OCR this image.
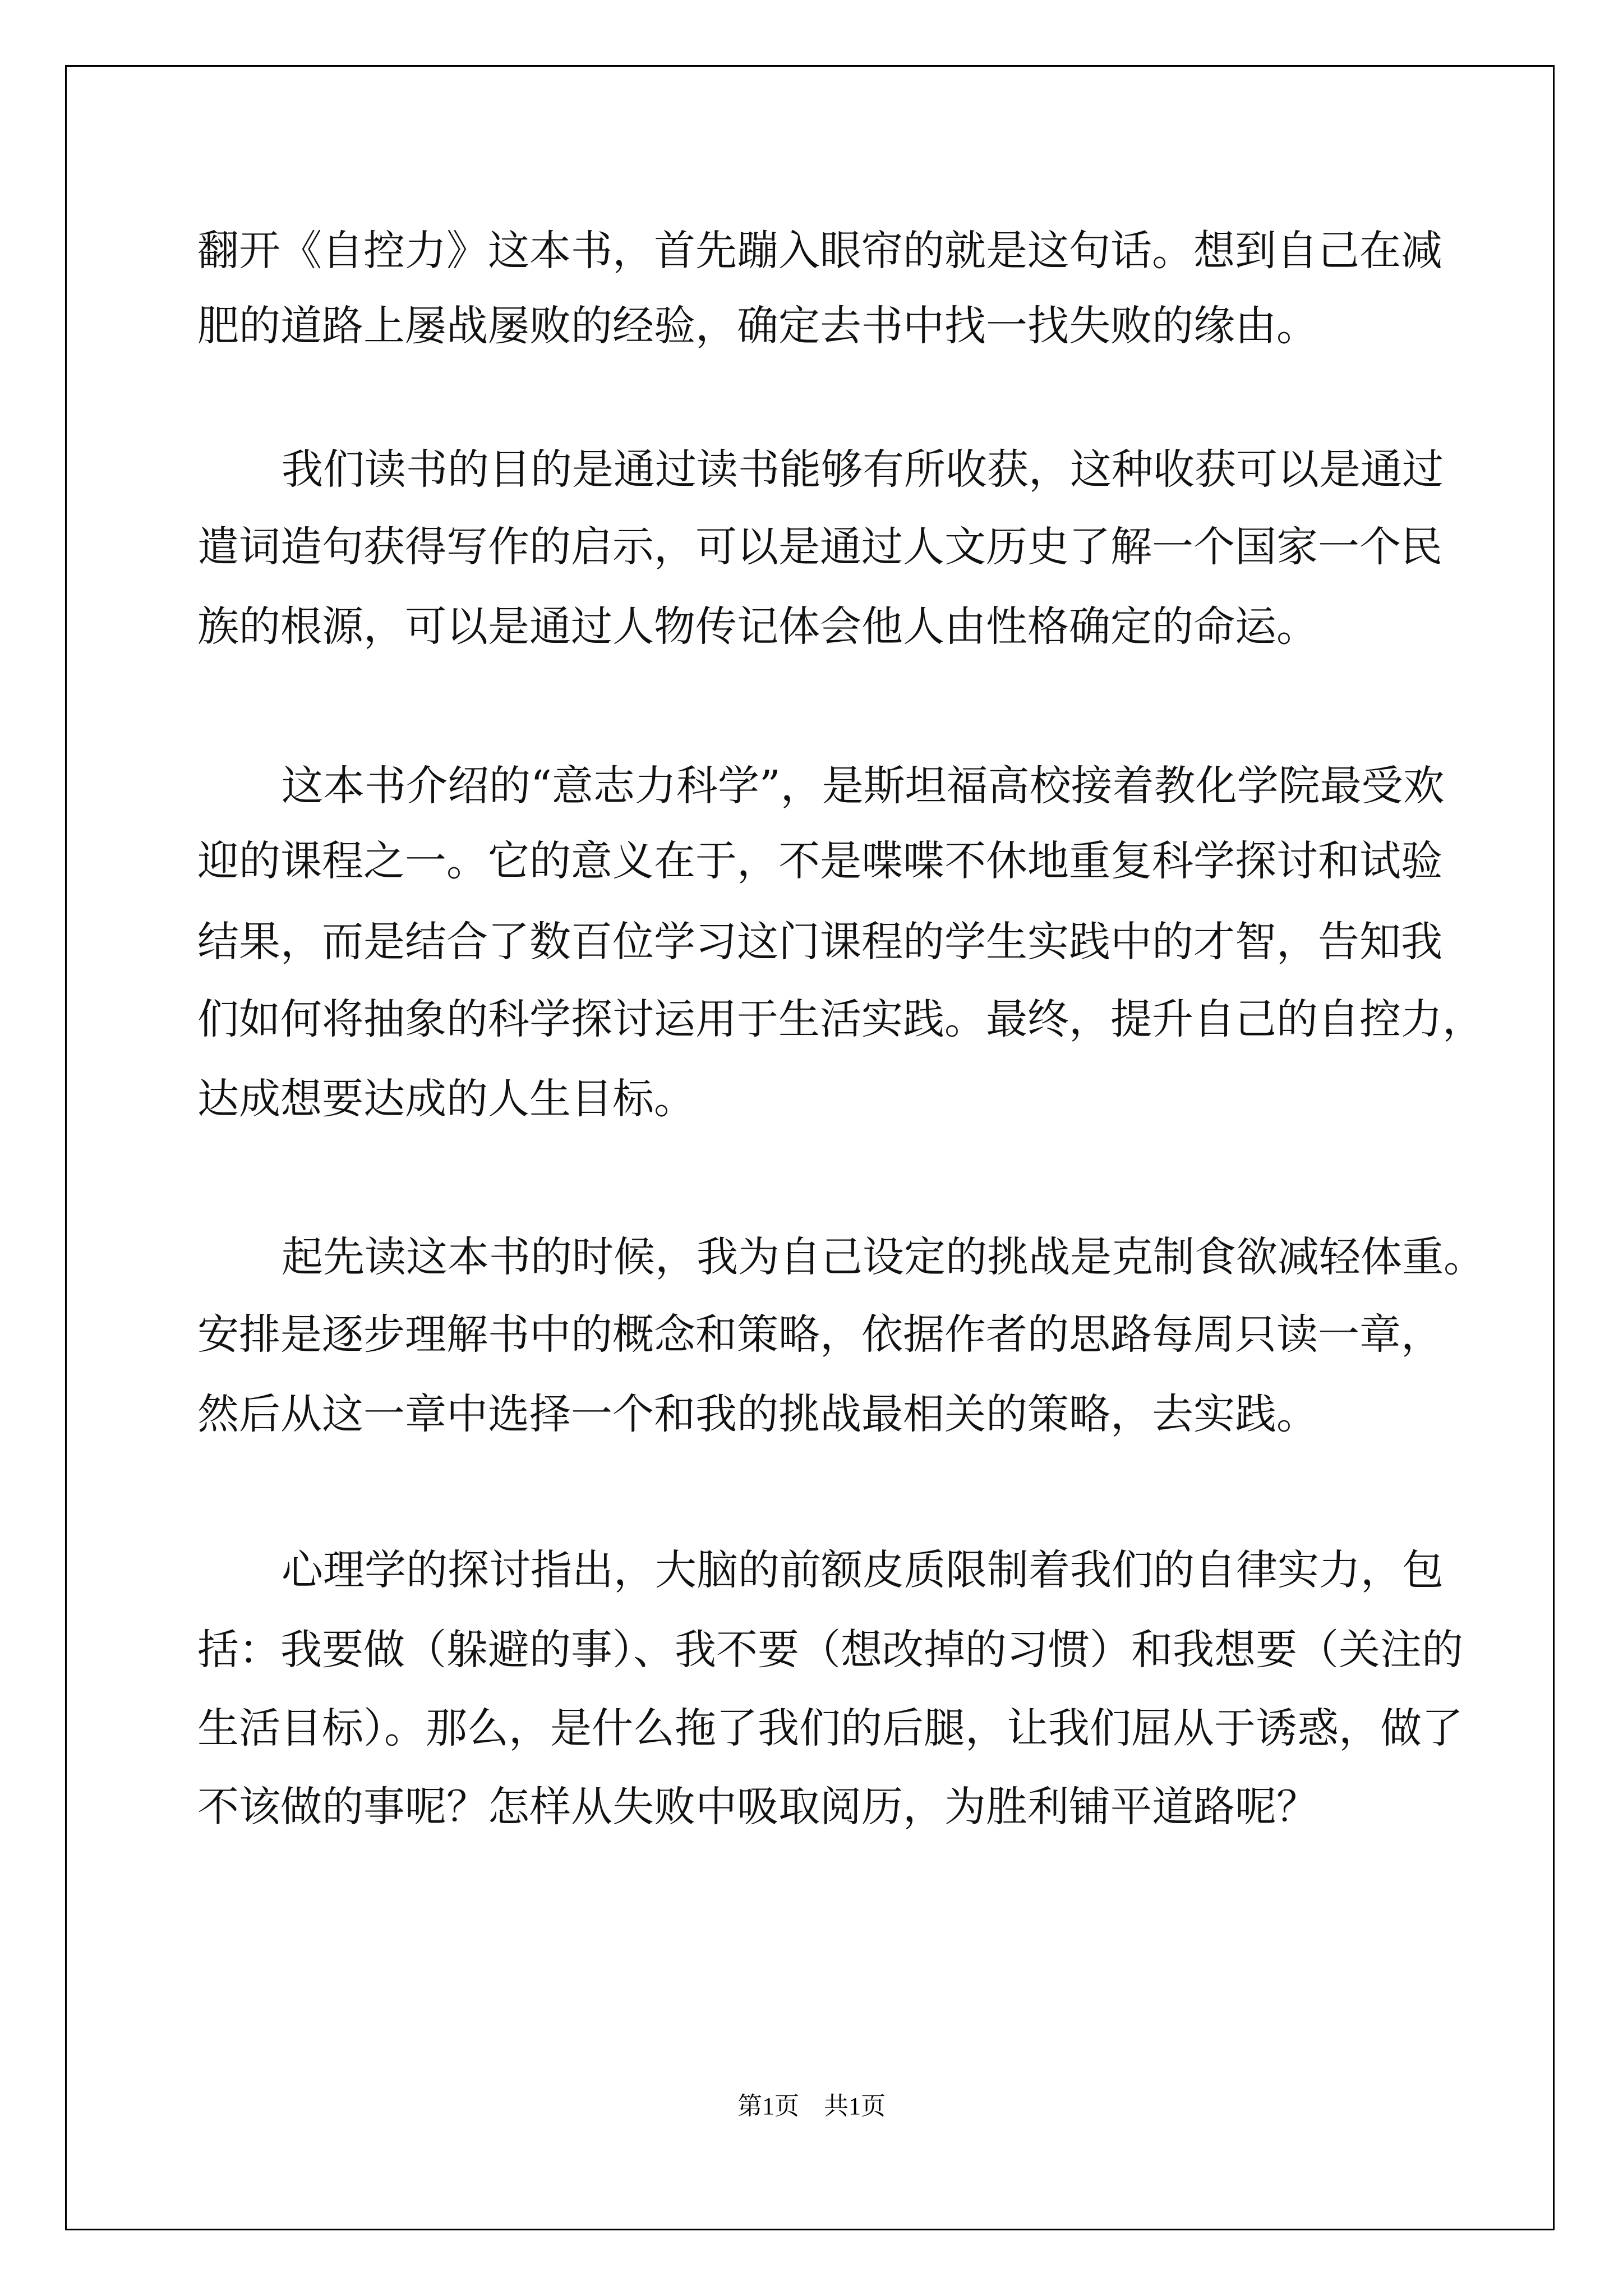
翻开《自控力》这本书，首先蹦入眼帘的就是这句话。想到自己在减
肥的道路上屡战屡败的经验，确定去书中找一找失败的缘由。
我们读书的目的是通过读书能够有所收获，这种收获可以是通过
遣词造句获得写作的启示，可以是通过人文历史了解一个国家一个民
族的根源，可以是通过人物传记体会他人由性格确定的命运。
这本书介绍的“意志力科学”，是斯坦福高校接着教化学院最受欢
迎的课程之一。它的意义在于，不是喋喋不休地重复科学探讨和试验
结果，而是结合了数百位学习这门课程的学生实践中的才智，告知我
们如何将抽象的科学探讨运用于生活实践。最终，提升自己的自控力，
达成想要达成的人生目标。
起先读这本书的时候，我为自己设定的挑战是克制食欲减轻体重。
安排是逐步理解书中的概念和策略，依据作者的思路每周只读一章，
然后从这一章中选择一个和我的挑战最相关的策略，去实践。
心理学的探讨指出，大脑的前额皮质限制着我们的自律实力，包
括：我要做（躲避的事）、我不要（想改掉的习惯）和我想要（关注的
生活目标）。那么，是什么拖了我们的后腿，让我们屈从于诱惑，做了
不该做的事呢？怎样从失败中吸取阅历，为胜利铺平道路呢？
第1页 共1页
